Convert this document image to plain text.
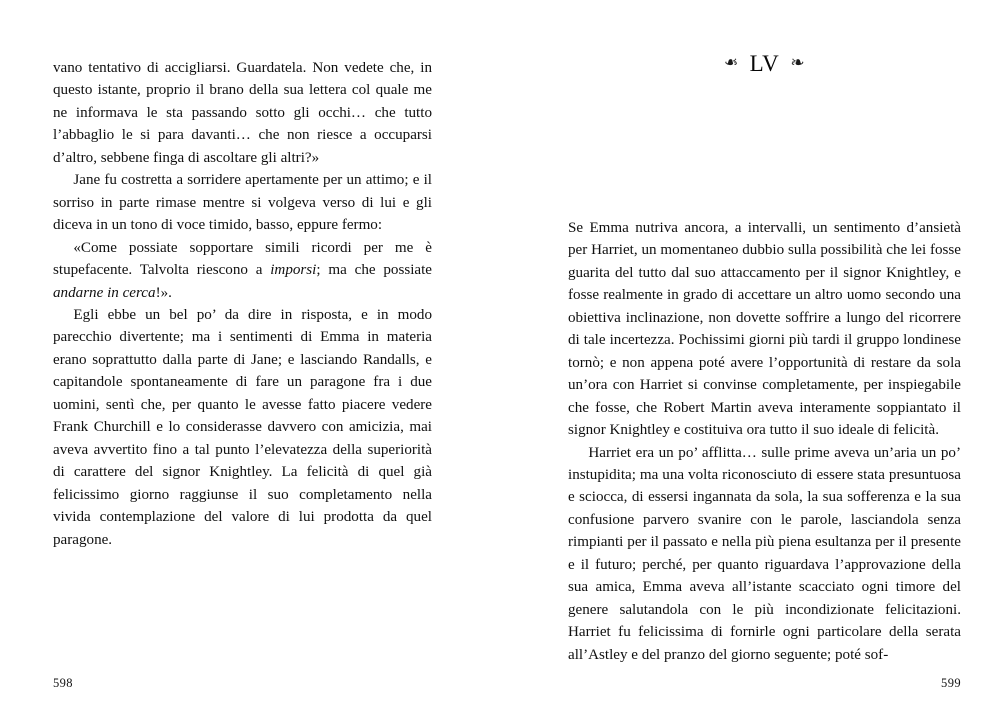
vano tentativo di accigliarsi. Guardatela. Non vedete che, in questo istante, proprio il brano della sua lettera col quale me ne informava le sta passando sotto gli occhi… che tutto l’abbaglio le si para davanti… che non riesce a occuparsi d’altro, sebbene finga di ascoltare gli altri?»

Jane fu costretta a sorridere apertamente per un attimo; e il sorriso in parte rimase mentre si volgeva verso di lui e gli diceva in un tono di voce timido, basso, eppure fermo:

«Come possiate sopportare simili ricordi per me è stupefacente. Talvolta riescono a imporsi; ma che possiate andarne in cerca!».

Egli ebbe un bel po’ da dire in risposta, e in modo parecchio divertente; ma i sentimenti di Emma in materia erano soprattutto dalla parte di Jane; e lasciando Randalls, e capitandole spontaneamente di fare un paragone fra i due uomini, sentì che, per quanto le avesse fatto piacere vedere Frank Churchill e lo considerasse davvero con amicizia, mai aveva avvertito fino a tal punto l’elevatezza della superiorità di carattere del signor Knightley. La felicità di quel già felicissimo giorno raggiunse il suo completamento nella vivida contemplazione del valore di lui prodotta da quel paragone.

598
❧ LV ❧

Se Emma nutriva ancora, a intervalli, un sentimento d’ansietà per Harriet, un momentaneo dubbio sulla possibilità che lei fosse guarita del tutto dal suo attaccamento per il signor Knightley, e fosse realmente in grado di accettare un altro uomo secondo una obiettiva inclinazione, non dovette soffrire a lungo del ricorrere di tale incertezza. Pochissimi giorni più tardi il gruppo londinese tornò; e non appena poté avere l’opportunità di restare da sola un’ora con Harriet si convinse completamente, per inspiegabile che fosse, che Robert Martin aveva interamente soppiantato il signor Knightley e costituiva ora tutto il suo ideale di felicità.

Harriet era un po’ afflitta… sulle prime aveva un’aria un po’ instupidita; ma una volta riconosciuto di essere stata presuntuosa e sciocca, di essersi ingannata da sola, la sua sofferenza e la sua confusione parvero svanire con le parole, lasciandola senza rimpianti per il passato e nella più piena esultanza per il presente e il futuro; perché, per quanto riguardava l’approvazione della sua amica, Emma aveva all’istante scacciato ogni timore del genere salutandola con le più incondizionate felicitazioni. Harriet fu felicissima di fornirle ogni particolare della serata all’Astley e del pranzo del giorno seguente; poté sof-

599
